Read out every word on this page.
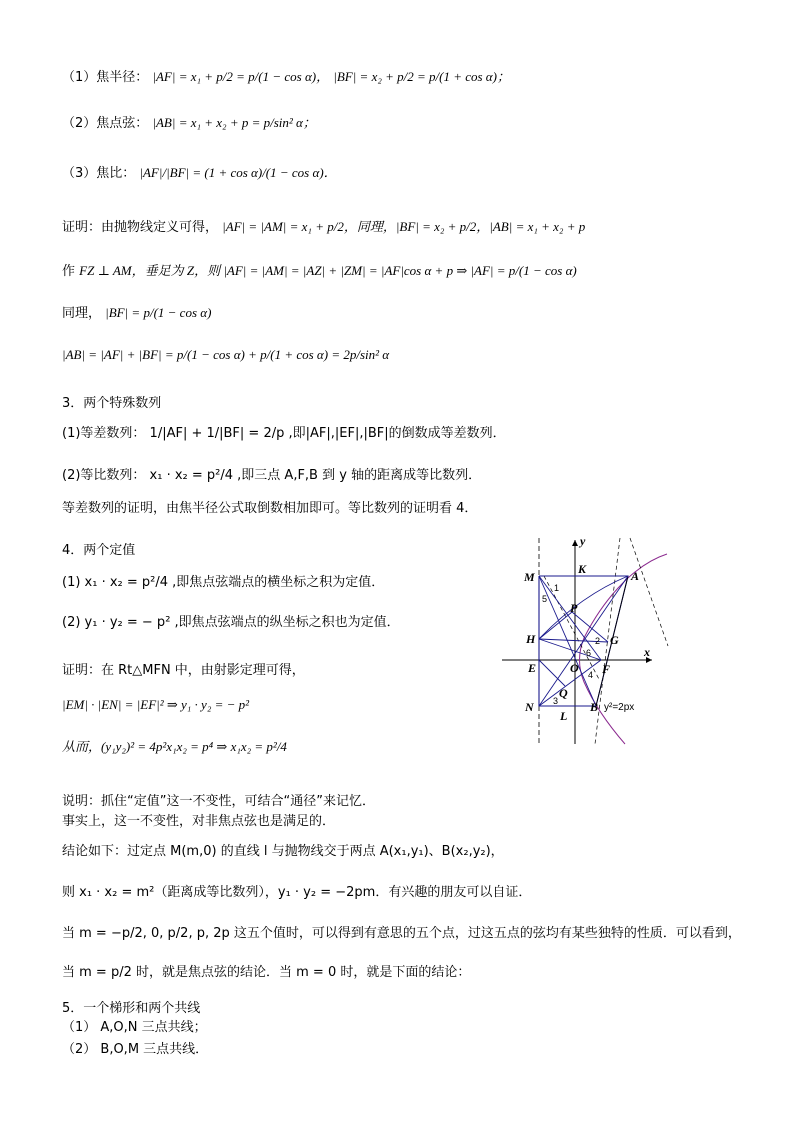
（1）焦半径： |AF| = x₁ + p/2 = p/(1 − cos α)， |BF| = x₂ + p/2 = p/(1 + cos α)；
（2）焦点弦： |AB| = x₁ + x₂ + p = p/sin² α；
（3）焦比： |AF|/|BF| = (1 + cos α)/(1 − cos α)．
证明：由抛物线定义可得， |AF| = |AM| = x₁ + p/2，同理，|BF| = x₂ + p/2，|AB| = x₁ + x₂ + p
作 FZ ⊥ AM，垂足为 Z，则 |AF| = |AM| = |AZ| + |ZM| = |AF|cos α + p ⇒ |AF| = p/(1 − cos α)
同理， |BF| = p/(1 − cos α)
|AB| = |AF| + |BF| = p/(1 − cos α) + p/(1 + cos α) = 2p/sin² α
3．两个特殊数列
(1)等差数列： 1/|AF| + 1/|BF| = 2/p ,即|AF|,|EF|,|BF|的倒数成等差数列．
(2)等比数列： x₁ · x₂ = p²/4 ,即三点 A,F,B 到 y 轴的距离成等比数列．
等差数列的证明，由焦半径公式取倒数相加即可。等比数列的证明看 4．
4．两个定值
(1) x₁ · x₂ = p²/4 ,即焦点弦端点的横坐标之积为定值．
(2) y₁ · y₂ = − p² ,即焦点弦端点的纵坐标之积也为定值．
证明：在 Rt△MFN 中，由射影定理可得，
|EM| · |EN| = |EF|² ⇒ y₁ · y₂ = − p²
从而，(y₁y₂)² = 4p²x₁x₂ = p⁴ ⇒ x₁x₂ = p²/4
说明：抓住“定值”这一不变性，可结合“通径”来记忆．
事实上，这一不变性，对非焦点弦也是满足的．
结论如下：过定点 M(m,0) 的直线 l 与抛物线交于两点 A(x₁,y₁)、B(x₂,y₂)，
则 x₁ · x₂ = m²（距离成等比数列），y₁ · y₂ = −2pm．有兴趣的朋友可以自证．
当 m = −p/2, 0, p/2, p, 2p 这五个值时，可以得到有意思的五个点，过这五点的弦均有某些独特的性质．可以看到，
当 m = p/2 时，就是焦点弦的结论．当 m = 0 时，就是下面的结论：
5．一个梯形和两个共线
（1） A,O,N 三点共线；
（2） B,O,M 三点共线．
y
x
M
K	A
P
H	G
E	O F
Q
N
L
B
1
5
2
6
4
3
y²=2px
